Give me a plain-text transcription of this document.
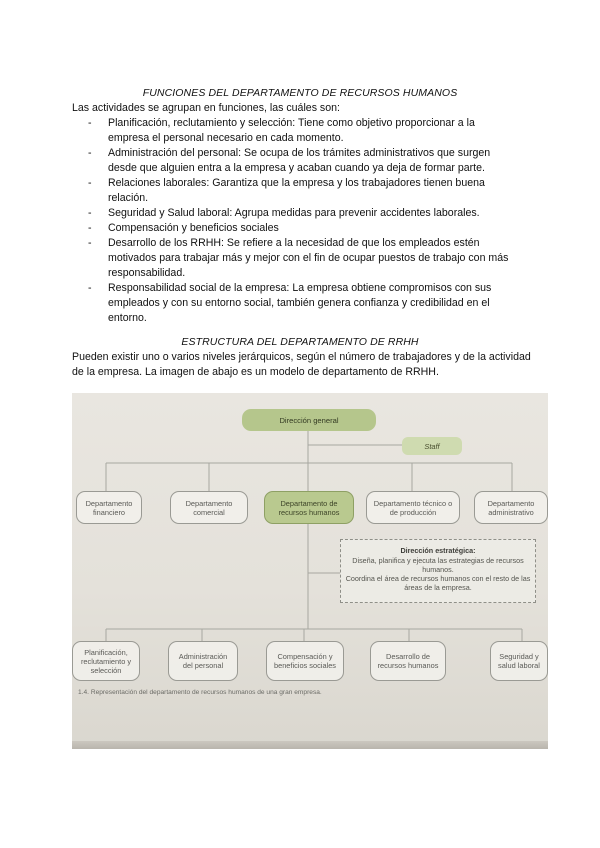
FUNCIONES DEL DEPARTAMENTO DE RECURSOS HUMANOS
Las actividades se agrupan en funciones, las cuáles son:
- Planificación, reclutamiento y selección: Tiene como objetivo proporcionar a la empresa el personal necesario en cada momento.
- Administración del personal: Se ocupa de los trámites administrativos que surgen desde que alguien entra a la empresa y acaban cuando ya deja de formar parte.
- Relaciones laborales: Garantiza que la empresa y los trabajadores tienen buena relación.
- Seguridad y Salud laboral: Agrupa medidas para prevenir accidentes laborales.
- Compensación y beneficios sociales
- Desarrollo de los RRHH: Se refiere a la necesidad de que los empleados estén motivados para trabajar más y mejor con el fin de ocupar puestos de trabajo con más responsabilidad.
- Responsabilidad social de la empresa: La empresa obtiene compromisos con sus empleados y con su entorno social, también genera confianza y credibilidad en el entorno.
ESTRUCTURA DEL DEPARTAMENTO DE RRHH
Pueden existir uno o varios niveles jerárquicos, según el número de trabajadores y de la actividad de la empresa. La imagen de abajo es un modelo de departamento de RRHH.
Dirección general
Staff
Departamento financiero
Departamento comercial
Departamento de recursos humanos
Departamento técnico o de producción
Departamento administrativo
Dirección estratégica:
Diseña, planifica y ejecuta las estrategias de recursos humanos.
Coordina el área de recursos humanos con el resto de las áreas de la empresa.
Planificación, reclutamiento y selección
Administración del personal
Compensación y beneficios sociales
Desarrollo de recursos humanos
Seguridad y salud laboral
1.4. Representación del departamento de recursos humanos de una gran empresa.
